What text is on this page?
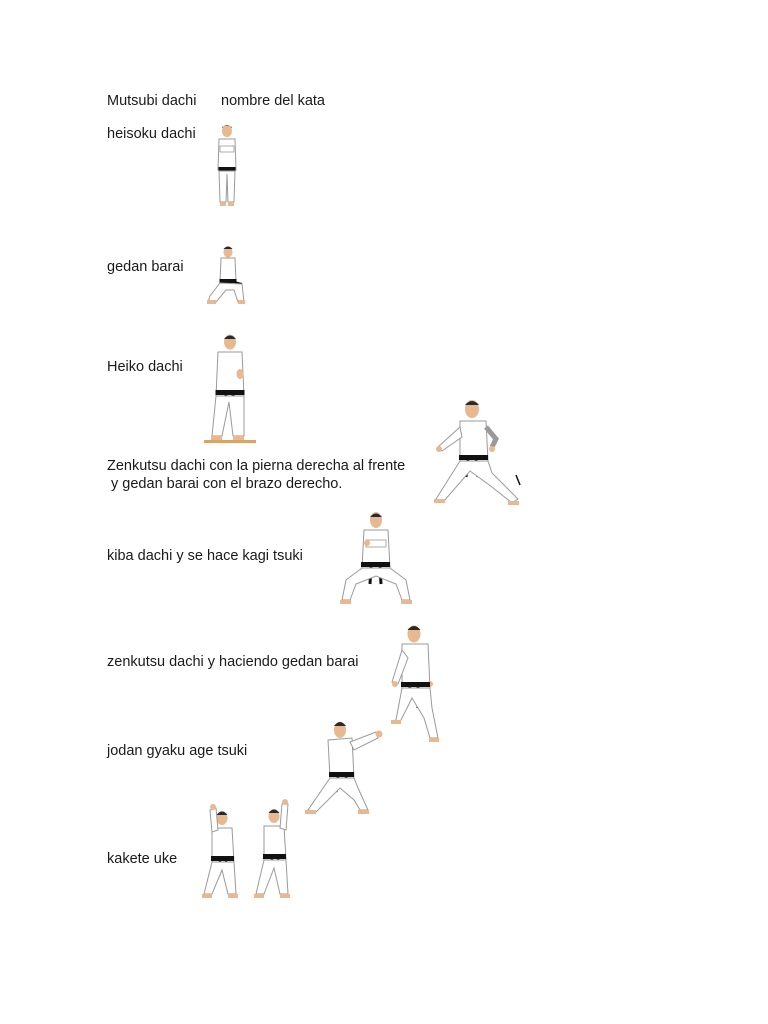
Mutsubi dachi nombre del kata
heisoku dachi
gedan barai
Heiko dachi
Zenkutsu dachi con la pierna derecha al frente
y gedan barai con el brazo derecho.
kiba dachi y se hace kagi tsuki
zenkutsu dachi y haciendo gedan barai
jodan gyaku age tsuki
kakete uke
